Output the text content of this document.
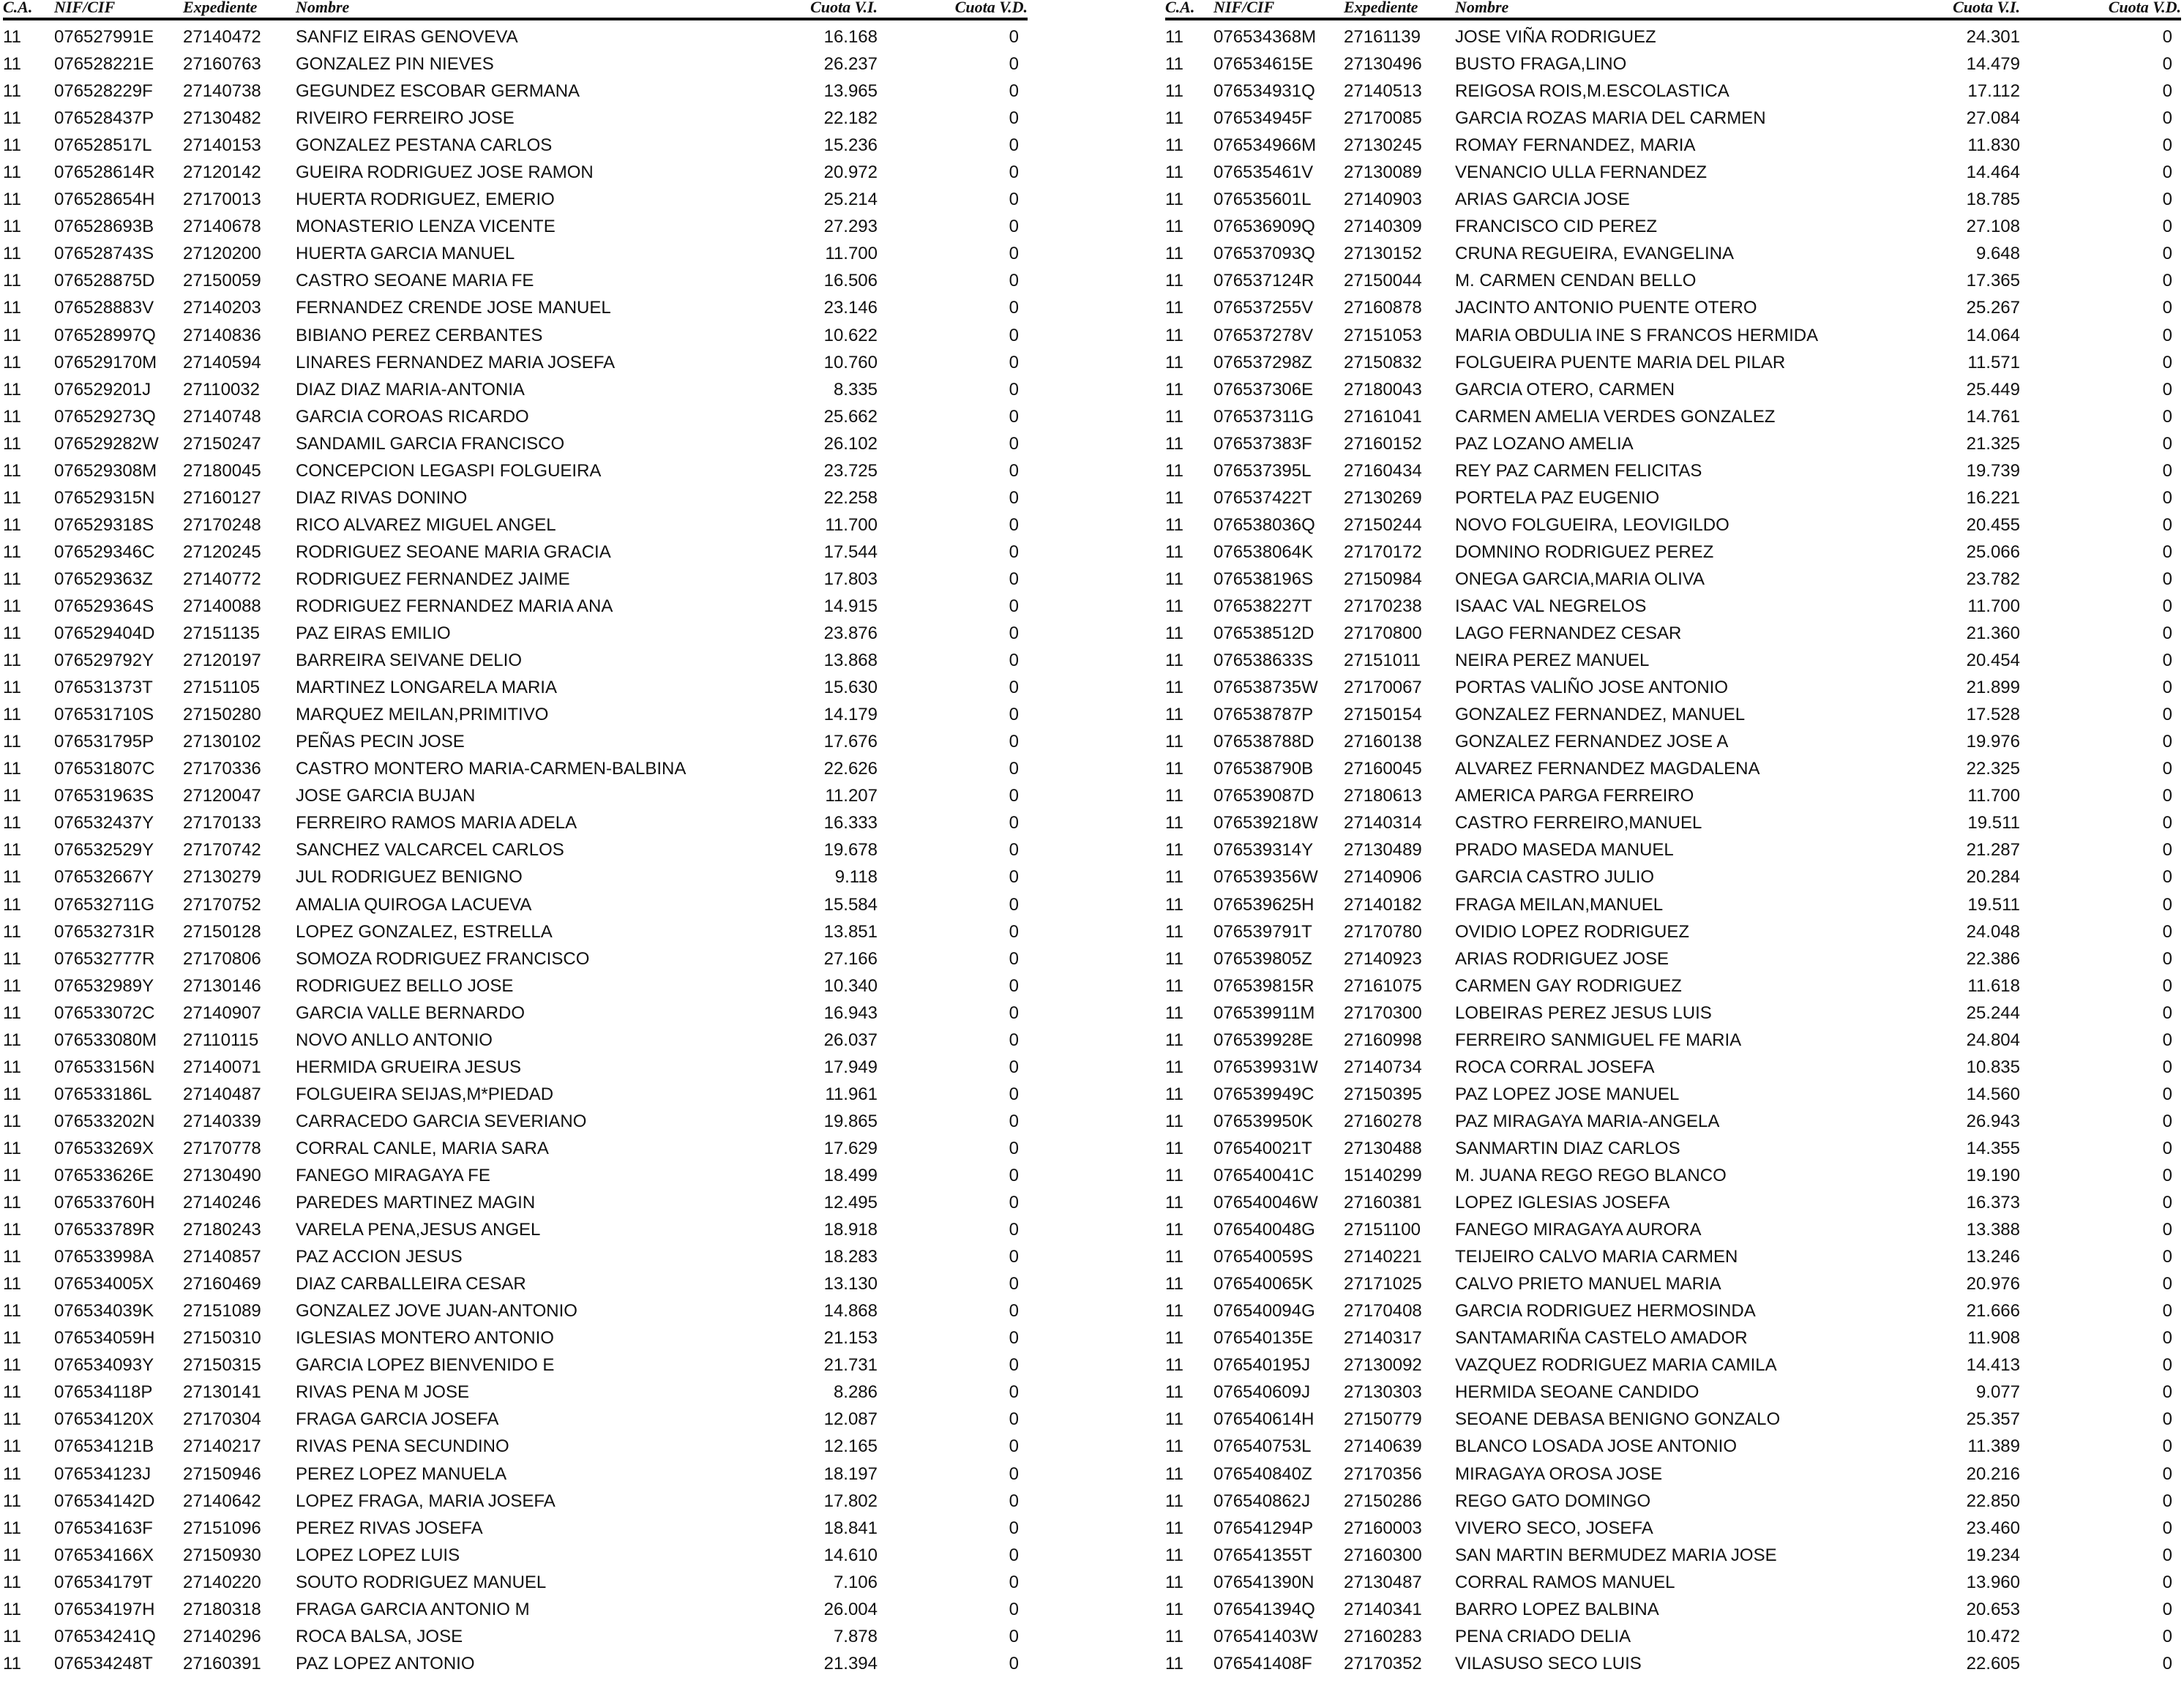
C.A.	NIF/CIF	Expediente	Nombre	Cuota V.I.	Cuota V.D.
11	076527991E	27140472	SANFIZ EIRAS GENOVEVA	16.168	0
11	076528221E	27160763	GONZALEZ PIN NIEVES	26.237	0
11	076528229F	27140738	GEGUNDEZ ESCOBAR GERMANA	13.965	0
11	076528437P	27130482	RIVEIRO FERREIRO JOSE	22.182	0
11	076528517L	27140153	GONZALEZ PESTANA CARLOS	15.236	0
11	076528614R	27120142	GUEIRA RODRIGUEZ JOSE RAMON	20.972	0
11	076528654H	27170013	HUERTA RODRIGUEZ, EMERIO	25.214	0
11	076528693B	27140678	MONASTERIO LENZA VICENTE	27.293	0
11	076528743S	27120200	HUERTA GARCIA MANUEL	11.700	0
11	076528875D	27150059	CASTRO SEOANE MARIA FE	16.506	0
11	076528883V	27140203	FERNANDEZ CRENDE JOSE MANUEL	23.146	0
11	076528997Q	27140836	BIBIANO PEREZ CERBANTES	10.622	0
11	076529170M	27140594	LINARES FERNANDEZ MARIA JOSEFA	10.760	0
11	076529201J	27110032	DIAZ DIAZ MARIA-ANTONIA	8.335	0
11	076529273Q	27140748	GARCIA COROAS RICARDO	25.662	0
11	076529282W	27150247	SANDAMIL GARCIA FRANCISCO	26.102	0
11	076529308M	27180045	CONCEPCION LEGASPI FOLGUEIRA	23.725	0
11	076529315N	27160127	DIAZ RIVAS DONINO	22.258	0
11	076529318S	27170248	RICO ALVAREZ MIGUEL ANGEL	11.700	0
11	076529346C	27120245	RODRIGUEZ SEOANE MARIA GRACIA	17.544	0
11	076529363Z	27140772	RODRIGUEZ FERNANDEZ JAIME	17.803	0
11	076529364S	27140088	RODRIGUEZ FERNANDEZ MARIA ANA	14.915	0
11	076529404D	27151135	PAZ EIRAS EMILIO	23.876	0
11	076529792Y	27120197	BARREIRA SEIVANE DELIO	13.868	0
11	076531373T	27151105	MARTINEZ LONGARELA MARIA	15.630	0
11	076531710S	27150280	MARQUEZ MEILAN,PRIMITIVO	14.179	0
11	076531795P	27130102	PEÑAS PECIN JOSE	17.676	0
11	076531807C	27170336	CASTRO MONTERO MARIA-CARMEN-BALBINA	22.626	0
11	076531963S	27120047	JOSE GARCIA BUJAN	11.207	0
11	076532437Y	27170133	FERREIRO RAMOS MARIA ADELA	16.333	0
11	076532529Y	27170742	SANCHEZ VALCARCEL CARLOS	19.678	0
11	076532667Y	27130279	JUL RODRIGUEZ BENIGNO	9.118	0
11	076532711G	27170752	AMALIA QUIROGA LACUEVA	15.584	0
11	076532731R	27150128	LOPEZ GONZALEZ, ESTRELLA	13.851	0
11	076532777R	27170806	SOMOZA RODRIGUEZ FRANCISCO	27.166	0
11	076532989Y	27130146	RODRIGUEZ BELLO JOSE	10.340	0
11	076533072C	27140907	GARCIA VALLE BERNARDO	16.943	0
11	076533080M	27110115	NOVO ANLLO ANTONIO	26.037	0
11	076533156N	27140071	HERMIDA GRUEIRA JESUS	17.949	0
11	076533186L	27140487	FOLGUEIRA SEIJAS,M*PIEDAD	11.961	0
11	076533202N	27140339	CARRACEDO GARCIA SEVERIANO	19.865	0
11	076533269X	27170778	CORRAL CANLE, MARIA SARA	17.629	0
11	076533626E	27130490	FANEGO MIRAGAYA FE	18.499	0
11	076533760H	27140246	PAREDES MARTINEZ MAGIN	12.495	0
11	076533789R	27180243	VARELA PENA,JESUS ANGEL	18.918	0
11	076533998A	27140857	PAZ ACCION JESUS	18.283	0
11	076534005X	27160469	DIAZ CARBALLEIRA CESAR	13.130	0
11	076534039K	27151089	GONZALEZ JOVE JUAN-ANTONIO	14.868	0
11	076534059H	27150310	IGLESIAS MONTERO ANTONIO	21.153	0
11	076534093Y	27150315	GARCIA LOPEZ BIENVENIDO E	21.731	0
11	076534118P	27130141	RIVAS PENA M JOSE	8.286	0
11	076534120X	27170304	FRAGA GARCIA JOSEFA	12.087	0
11	076534121B	27140217	RIVAS PENA SECUNDINO	12.165	0
11	076534123J	27150946	PEREZ LOPEZ MANUELA	18.197	0
11	076534142D	27140642	LOPEZ FRAGA, MARIA JOSEFA	17.802	0
11	076534163F	27151096	PEREZ RIVAS JOSEFA	18.841	0
11	076534166X	27150930	LOPEZ LOPEZ LUIS	14.610	0
11	076534179T	27140220	SOUTO RODRIGUEZ MANUEL	7.106	0
11	076534197H	27180318	FRAGA GARCIA ANTONIO M	26.004	0
11	076534241Q	27140296	ROCA BALSA, JOSE	7.878	0
11	076534248T	27160391	PAZ LOPEZ ANTONIO	21.394	0
C.A.	NIF/CIF	Expediente	Nombre	Cuota V.I.	Cuota V.D.
11	076534368M	27161139	JOSE VIÑA RODRIGUEZ	24.301	0
11	076534615E	27130496	BUSTO FRAGA,LINO	14.479	0
11	076534931Q	27140513	REIGOSA ROIS,M.ESCOLASTICA	17.112	0
11	076534945F	27170085	GARCIA ROZAS MARIA DEL CARMEN	27.084	0
11	076534966M	27130245	ROMAY FERNANDEZ, MARIA	11.830	0
11	076535461V	27130089	VENANCIO ULLA FERNANDEZ	14.464	0
11	076535601L	27140903	ARIAS GARCIA JOSE	18.785	0
11	076536909Q	27140309	FRANCISCO CID PEREZ	27.108	0
11	076537093Q	27130152	CRUNA REGUEIRA, EVANGELINA	9.648	0
11	076537124R	27150044	M. CARMEN CENDAN BELLO	17.365	0
11	076537255V	27160878	JACINTO ANTONIO PUENTE OTERO	25.267	0
11	076537278V	27151053	MARIA OBDULIA INE S FRANCOS HERMIDA	14.064	0
11	076537298Z	27150832	FOLGUEIRA PUENTE MARIA DEL PILAR	11.571	0
11	076537306E	27180043	GARCIA OTERO, CARMEN	25.449	0
11	076537311G	27161041	CARMEN AMELIA VERDES GONZALEZ	14.761	0
11	076537383F	27160152	PAZ LOZANO AMELIA	21.325	0
11	076537395L	27160434	REY PAZ CARMEN FELICITAS	19.739	0
11	076537422T	27130269	PORTELA PAZ EUGENIO	16.221	0
11	076538036Q	27150244	NOVO FOLGUEIRA, LEOVIGILDO	20.455	0
11	076538064K	27170172	DOMNINO RODRIGUEZ PEREZ	25.066	0
11	076538196S	27150984	ONEGA GARCIA,MARIA OLIVA	23.782	0
11	076538227T	27170238	ISAAC VAL NEGRELOS	11.700	0
11	076538512D	27170800	LAGO FERNANDEZ CESAR	21.360	0
11	076538633S	27151011	NEIRA PEREZ MANUEL	20.454	0
11	076538735W	27170067	PORTAS VALIÑO JOSE ANTONIO	21.899	0
11	076538787P	27150154	GONZALEZ FERNANDEZ, MANUEL	17.528	0
11	076538788D	27160138	GONZALEZ FERNANDEZ JOSE A	19.976	0
11	076538790B	27160045	ALVAREZ FERNANDEZ MAGDALENA	22.325	0
11	076539087D	27180613	AMERICA PARGA FERREIRO	11.700	0
11	076539218W	27140314	CASTRO FERREIRO,MANUEL	19.511	0
11	076539314Y	27130489	PRADO MASEDA MANUEL	21.287	0
11	076539356W	27140906	GARCIA CASTRO JULIO	20.284	0
11	076539625H	27140182	FRAGA MEILAN,MANUEL	19.511	0
11	076539791T	27170780	OVIDIO LOPEZ RODRIGUEZ	24.048	0
11	076539805Z	27140923	ARIAS RODRIGUEZ JOSE	22.386	0
11	076539815R	27161075	CARMEN GAY RODRIGUEZ	11.618	0
11	076539911M	27170300	LOBEIRAS PEREZ JESUS LUIS	25.244	0
11	076539928E	27160998	FERREIRO SANMIGUEL FE MARIA	24.804	0
11	076539931W	27140734	ROCA CORRAL JOSEFA	10.835	0
11	076539949C	27150395	PAZ LOPEZ JOSE MANUEL	14.560	0
11	076539950K	27160278	PAZ MIRAGAYA MARIA-ANGELA	26.943	0
11	076540021T	27130488	SANMARTIN DIAZ CARLOS	14.355	0
11	076540041C	15140299	M. JUANA REGO REGO BLANCO	19.190	0
11	076540046W	27160381	LOPEZ IGLESIAS JOSEFA	16.373	0
11	076540048G	27151100	FANEGO MIRAGAYA AURORA	13.388	0
11	076540059S	27140221	TEIJEIRO CALVO MARIA CARMEN	13.246	0
11	076540065K	27171025	CALVO PRIETO MANUEL MARIA	20.976	0
11	076540094G	27170408	GARCIA RODRIGUEZ HERMOSINDA	21.666	0
11	076540135E	27140317	SANTAMARIÑA CASTELO AMADOR	11.908	0
11	076540195J	27130092	VAZQUEZ RODRIGUEZ MARIA CAMILA	14.413	0
11	076540609J	27130303	HERMIDA SEOANE CANDIDO	9.077	0
11	076540614H	27150779	SEOANE DEBASA BENIGNO GONZALO	25.357	0
11	076540753L	27140639	BLANCO LOSADA JOSE ANTONIO	11.389	0
11	076540840Z	27170356	MIRAGAYA OROSA JOSE	20.216	0
11	076540862J	27150286	REGO GATO DOMINGO	22.850	0
11	076541294P	27160003	VIVERO SECO, JOSEFA	23.460	0
11	076541355T	27160300	SAN MARTIN BERMUDEZ MARIA JOSE	19.234	0
11	076541390N	27130487	CORRAL RAMOS MANUEL	13.960	0
11	076541394Q	27140341	BARRO LOPEZ BALBINA	20.653	0
11	076541403W	27160283	PENA CRIADO DELIA	10.472	0
11	076541408F	27170352	VILASUSO SECO LUIS	22.605	0
